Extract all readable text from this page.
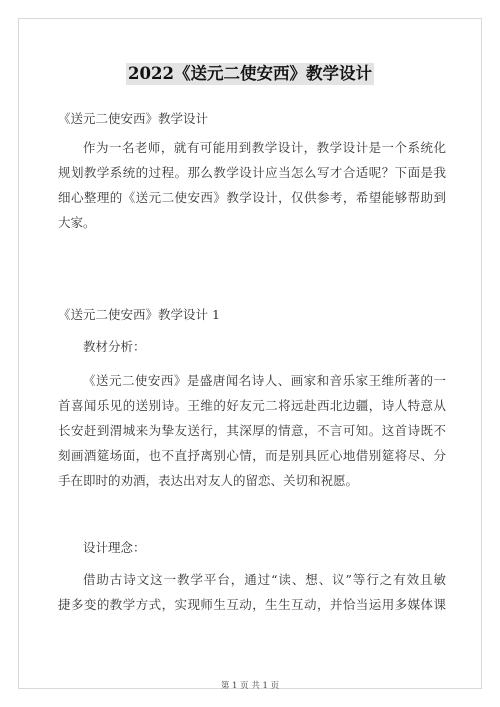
2022《送元二使安西》教学设计

《送元二使安西》教学设计

作为一名老师，就有可能用到教学设计，教学设计是一个系统化
规划教学系统的过程。那么教学设计应当怎么写才合适呢？下面是我
细心整理的《送元二使安西》教学设计，仅供参考，希望能够帮助到
大家。

《送元二使安西》教学设计 1

教材分析：

《送元二使安西》是盛唐闻名诗人、画家和音乐家王维所著的一
首喜闻乐见的送别诗。王维的好友元二将远赴西北边疆，诗人特意从
长安赶到渭城来为挚友送行，其深厚的情意，不言可知。这首诗既不
刻画酒筵场面，也不直抒离别心情，而是别具匠心地借别筵将尽、分
手在即时的劝酒，表达出对友人的留恋、关切和祝愿。

设计理念：

借助古诗文这一教学平台，通过“读、想、议”等行之有效且敏
捷多变的教学方式，实现师生互动，生生互动，并恰当运用多媒体课
第 1 页 共 1 页
